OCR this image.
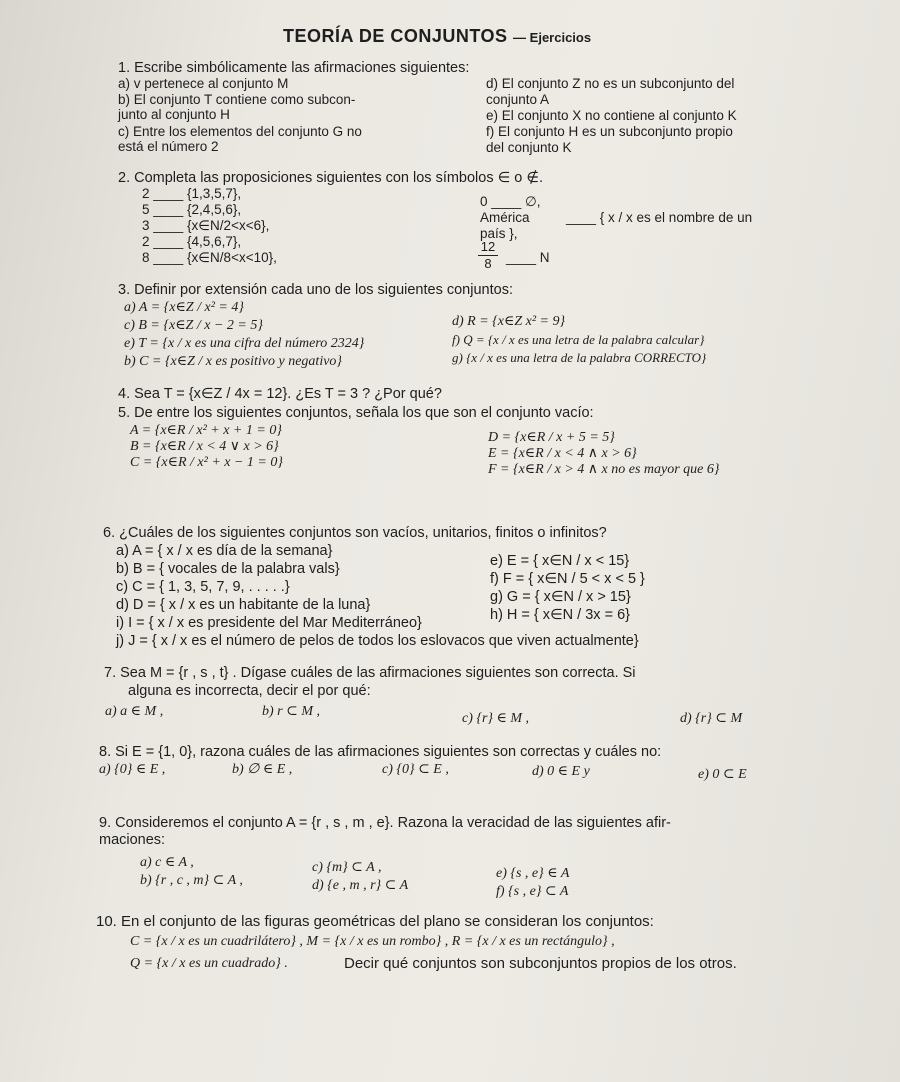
TEORÍA DE CONJUNTOS — Ejercicios
1. Escribe simbólicamente las afirmaciones siguientes:
a) v pertenece al conjunto M
b) El conjunto T contiene como subcon-
junto al conjunto H
c) Entre los elementos del conjunto G no
está el número 2
d) El conjunto Z no es un subconjunto del
conjunto A
e) El conjunto X no contiene al conjunto K
f) El conjunto H es un subconjunto propio
del conjunto K
2. Completa las proposiciones siguientes con los símbolos ∈ o ∉.
2 ____ {1,3,5,7},
5 ____ {2,4,5,6},
3 ____ {x∈N/2<x<6},
2 ____ {4,5,6,7},
8 ____ {x∈N/8<x<10},
0 ____ ∅,
América	____ { x / x es el nombre de un
país },
12
8	____ N
3. Definir por extensión cada uno de los siguientes conjuntos:
a) A = {x∈Z / x² = 4}
c) B = {x∈Z / x − 2 = 5}
e) T = {x / x es una cifra del número 2324}
b) C = {x∈Z / x es positivo y negativo}
d) R = {x∈Z x² = 9}
f) Q = {x / x es una letra de la palabra calcular}
g) {x / x es una letra de la palabra CORRECTO}
4. Sea T = {x∈Z / 4x = 12}. ¿Es T = 3 ? ¿Por qué?
5. De entre los siguientes conjuntos, señala los que son el conjunto vacío:
A = {x∈R / x² + x + 1 = 0}
B = {x∈R / x < 4 ∨ x > 6}
C = {x∈R / x² + x − 1 = 0}
D = {x∈R / x + 5 = 5}
E = {x∈R / x < 4 ∧ x > 6}
F = {x∈R / x > 4 ∧ x no es mayor que 6}
6. ¿Cuáles de los siguientes conjuntos son vacíos, unitarios, finitos o infinitos?
a) A = { x / x es día de la semana}
b) B = { vocales de la palabra vals}
c) C = { 1, 3, 5, 7, 9, . . . . .}
d) D = { x / x es un habitante de la luna}
i) I = { x / x es presidente del Mar Mediterráneo}
j) J = { x / x es el número de pelos de todos los eslovacos que viven actualmente}
e) E = { x∈N / x < 15}
f) F = { x∈N / 5 < x < 5 }
g) G = { x∈N / x > 15}
h) H = { x∈N / 3x = 6}
7. Sea M = {r , s , t} . Dígase cuáles de las afirmaciones siguientes son correcta. Si
alguna es incorrecta, decir el por qué:
a) a ∈ M ,	b) r ⊂ M ,	c) {r} ∈ M ,	d) {r} ⊂ M
8. Si E = {1, 0}, razona cuáles de las afirmaciones siguientes son correctas y cuáles no:
a) {0} ∈ E ,	b) ∅ ∈ E ,	c) {0} ⊂ E ,	d) 0 ∈ E y	e) 0 ⊂ E
9. Consideremos el conjunto A = {r , s , m , e}. Razona la veracidad de las siguientes afir-
maciones:
a) c ∈ A ,
b) {r , c , m} ⊂ A ,
c) {m} ⊂ A ,
d) {e , m , r} ⊂ A
e) {s , e} ∈ A
f) {s , e} ⊂ A
10. En el conjunto de las figuras geométricas del plano se consideran los conjuntos:
C = {x / x es un cuadrilátero} , M = {x / x es un rombo} , R = {x / x es un rectángulo} ,
Q = {x / x es un cuadrado} .	Decir qué conjuntos son subconjuntos propios de los otros.
